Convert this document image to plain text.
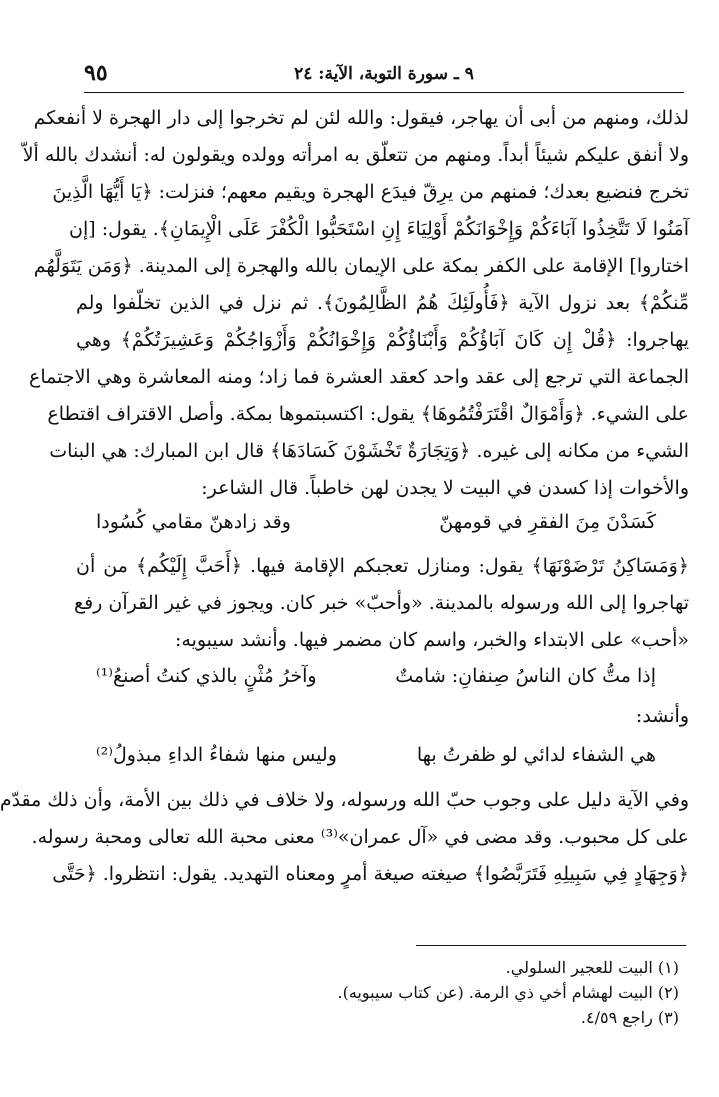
٩٥	٩ ـ سورة التوبة، الآية: ٢٤
لذلك، ومنهم من أبى أن يهاجر، فيقول: والله لئن لم تخرجوا إلى دار الهجرة لا أنفعكم
ولا أنفق عليكم شيئاً أبداً. ومنهم من تتعلّق به امرأته وولده ويقولون له: أنشدك بالله ألاّ
تخرج فنضيع بعدك؛ فمنهم من يرِقّ فيدَع الهجرة ويقيم معهم؛ فنزلت: ﴿يَا أَيُّهَا الَّذِينَ
آمَنُوا لَا تَتَّخِذُوا آبَاءَكُمْ وَإِخْوَانَكُمْ أَوْلِيَاءَ إِنِ اسْتَحَبُّوا الْكُفْرَ عَلَى الْإِيمَانِ﴾. يقول: [إن
اختاروا] الإقامة على الكفر بمكة على الإيمان بالله والهجرة إلى المدينة. ﴿وَمَن يَتَوَلَّهُم
مِّنكُمْ﴾ بعد نزول الآية ﴿فَأُولَئِكَ هُمُ الظَّالِمُونَ﴾. ثم نزل في الذين تخلّفوا ولم
يهاجروا: ﴿قُلْ إِن كَانَ آبَاؤُكُمْ وَأَبْنَاؤُكُمْ وَإِخْوَانُكُمْ وَأَزْوَاجُكُمْ وَعَشِيرَتُكُمْ﴾ وهي
الجماعة التي ترجع إلى عقد واحد كعقد العشرة فما زاد؛ ومنه المعاشرة وهي الاجتماع
على الشيء. ﴿وَأَمْوَالٌ اقْتَرَفْتُمُوهَا﴾ يقول: اكتسبتموها بمكة. وأصل الاقتراف اقتطاع
الشيء من مكانه إلى غيره. ﴿وَتِجَارَةٌ تَخْشَوْنَ كَسَادَهَا﴾ قال ابن المبارك: هي البنات
والأخوات إذا كسدن في البيت لا يجدن لهن خاطباً. قال الشاعر:
كَسَدْنَ مِنَ الفقرِ في قومهنّ
وقد زادهنّ مقامي كُسُودا
﴿وَمَسَاكِنُ تَرْضَوْنَهَا﴾ يقول: ومنازل تعجبكم الإقامة فيها. ﴿أَحَبَّ إِلَيْكُم﴾ من أن
تهاجروا إلى الله ورسوله بالمدينة. «وأحبّ» خبر كان. ويجوز في غير القرآن رفع
«أحب» على الابتداء والخبر، واسم كان مضمر فيها. وأنشد سيبويه:
إذا متُّ كان الناسُ صِنفانِ: شامتٌ
وآخرُ مُثْنٍ بالذي كنتُ أصنعُ⁽¹⁾
وأنشد:
هي الشفاء لدائي لو ظفرتُ بها
وليس منها شفاءُ الداءِ مبذولُ⁽²⁾
وفي الآية دليل على وجوب حبّ الله ورسوله، ولا خلاف في ذلك بين الأمة، وأن ذلك مقدّم
على كل محبوب. وقد مضى في «آل عمران»⁽³⁾ معنى محبة الله تعالى ومحبة رسوله.
﴿وَجِهَادٍ فِي سَبِيلِهِ فَتَرَبَّصُوا﴾ صيغته صيغة أمرٍ ومعناه التهديد. يقول: انتظروا. ﴿حَتَّى
(١) البيت للعجير السلولي.
(٢) البيت لهشام أخي ذي الرمة. (عن كتاب سيبويه).
(٣) راجع ٤/٥٩.
